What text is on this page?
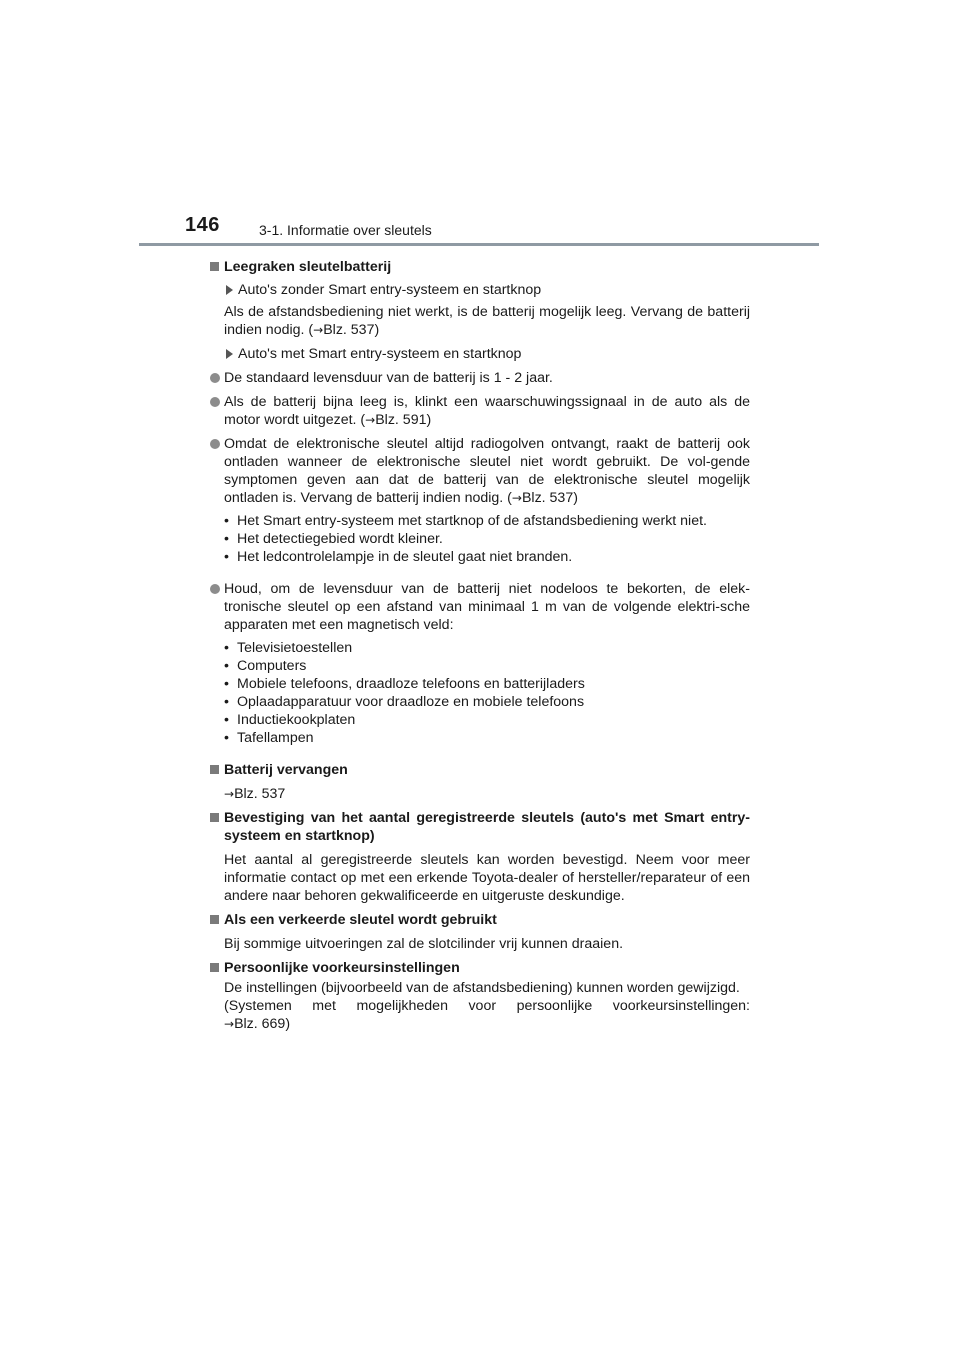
146	3-1. Informatie over sleutels
Leegraken sleutelbatterij
Auto's zonder Smart entry-systeem en startknop
Als de afstandsbediening niet werkt, is de batterij mogelijk leeg. Vervang de batterij indien nodig. (→Blz. 537)
Auto's met Smart entry-systeem en startknop
De standaard levensduur van de batterij is 1 - 2 jaar.
Als de batterij bijna leeg is, klinkt een waarschuwingssignaal in de auto als de motor wordt uitgezet. (→Blz. 591)
Omdat de elektronische sleutel altijd radiogolven ontvangt, raakt de batterij ook ontladen wanneer de elektronische sleutel niet wordt gebruikt. De vol-gende symptomen geven aan dat de batterij van de elektronische sleutel mogelijk ontladen is. Vervang de batterij indien nodig. (→Blz. 537)
• Het Smart entry-systeem met startknop of de afstandsbediening werkt niet.
• Het detectiegebied wordt kleiner.
• Het ledcontrolelampje in de sleutel gaat niet branden.
Houd, om de levensduur van de batterij niet nodeloos te bekorten, de elek-tronische sleutel op een afstand van minimaal 1 m van de volgende elektri-sche apparaten met een magnetisch veld:
• Televisietoestellen
• Computers
• Mobiele telefoons, draadloze telefoons en batterijladers
• Oplaadapparatuur voor draadloze en mobiele telefoons
• Inductiekookplaten
• Tafellampen
Batterij vervangen
→Blz. 537
Bevestiging van het aantal geregistreerde sleutels (auto's met Smart entry-systeem en startknop)
Het aantal al geregistreerde sleutels kan worden bevestigd. Neem voor meer informatie contact op met een erkende Toyota-dealer of hersteller/reparateur of een andere naar behoren gekwalificeerde en uitgeruste deskundige.
Als een verkeerde sleutel wordt gebruikt
Bij sommige uitvoeringen zal de slotcilinder vrij kunnen draaien.
Persoonlijke voorkeursinstellingen
De instellingen (bijvoorbeeld van de afstandsbediening) kunnen worden gewijzigd.
(Systemen met mogelijkheden voor persoonlijke voorkeursinstellingen:
→Blz. 669)
